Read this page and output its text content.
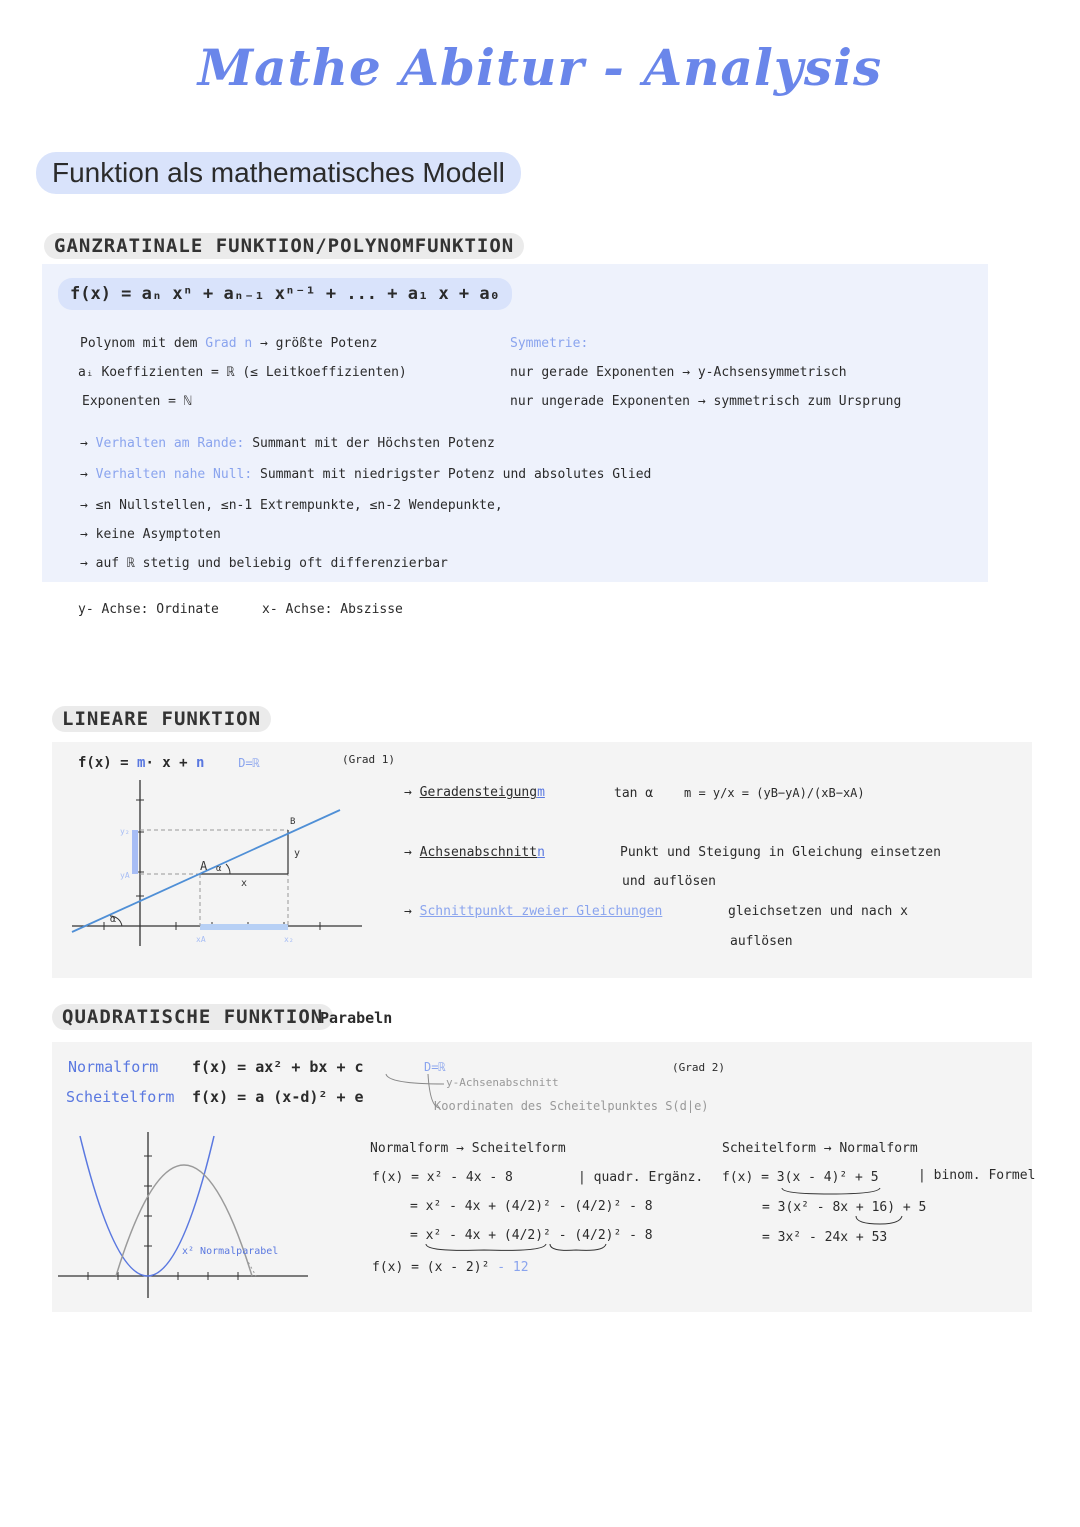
Mathe Abitur - Analysis
Funktion als mathematisches Modell
GANZRATINALE FUNKTION/POLYNOMFUNKTION
f(x) = aₙ xⁿ + aₙ₋₁ xⁿ⁻¹ + ... + a₁ x + a₀
Polynom mit dem Grad n → größte Potenz
aᵢ Koeffizienten = ℝ (≤ Leitkoeffizienten)
Exponenten = ℕ
Symmetrie:
nur gerade Exponenten → y-Achsensymmetrisch
nur ungerade Exponenten → symmetrisch zum Ursprung
→ Verhalten am Rande: Summant mit der Höchsten Potenz
→ Verhalten nahe Null: Summant mit niedrigster Potenz und absolutes Glied
→ ≤n Nullstellen, ≤n-1 Extrempunkte, ≤n-2 Wendepunkte,
→ keine Asymptoten
→ auf ℝ stetig und beliebig oft differenzierbar
y- Achse: Ordinate	x- Achse: Abszisse
LINEARE FUNKTION
f(x) = m· x + n	D=ℝ	(Grad 1)
A
B
x
y
α
α
xA	x₂
yA
y₂
→ Geradensteigungm	tan α	m = y/x = (yB−yA)/(xB−xA)
→ Achsenabschnittn	Punkt und Steigung in Gleichung einsetzen
und auflösen
→ Schnittpunkt zweier Gleichungen	gleichsetzen und nach x
auflösen
QUADRATISCHE FUNKTION
Parabeln
Normalform f(x) = ax² + bx + c
Scheitelform f(x) = a (x-d)² + e
D=ℝ	(Grad 2)
y-Achsenabschnitt
Koordinaten des Scheitelpunktes S(d|e)
x² Normalparabel
Normalform → Scheitelform
f(x) = x² - 4x - 8	| quadr. Ergänz.
= x² - 4x + (4/2)² - (4/2)² - 8
= x² - 4x + (4/2)² - (4/2)² - 8
f(x) = (x - 2)² - 12
Scheitelform → Normalform
f(x) = 3(x - 4)² + 5	| binom. Formel
= 3(x² - 8x + 16) + 5
= 3x² - 24x + 53
